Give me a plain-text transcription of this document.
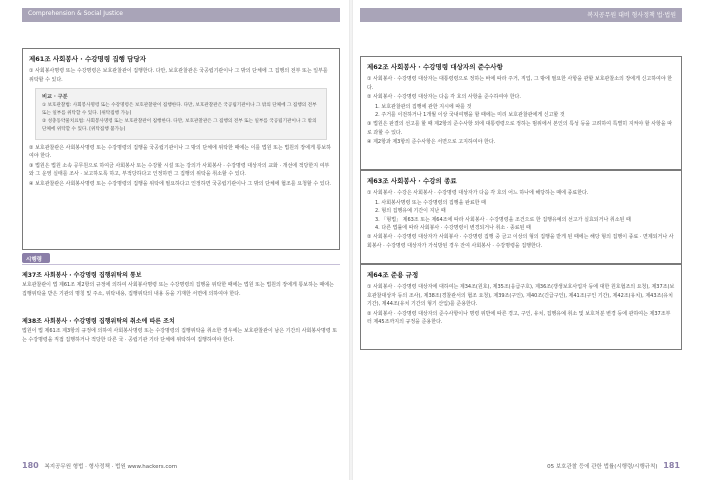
Comprehension & Social Justice	복지공무원 대비 형사정책 법·법원
제61조 사회봉사 · 수강명령 집행 담당자
① 사회봉사명령 또는 수강명령은 보호관찰관이 집행한다. 다만, 보호관찰관은 국공립기관이나 그 밖의 단체에 그 집행의 전부 또는 일부를 위탁할 수 있다.
비교 · 구분
① 보호관찰법: 사회봉사명령 또는 수강명령은 보호관찰관이 집행한다. 다만, 보호관찰관은 국공립기관이나 그 밖의 단체에 그 집행의 전부 또는 일부를 위탁할 수 있다. [위탁집행 가능]
② 성충동약물치료법: 사회봉사명령 또는 보호관찰관이 집행한다. 다만, 보호관찰관은 그 집행의 전부 또는 일부를 국공립기관이나 그 밖의 단체에 위탁할 수 있다. [위탁집행 불가능]
② 보호관찰관은 사회봉사명령 또는 수강명령의 집행을 국공립기관이나 그 밖의 단체에 위탁한 때에는 이를 법원 또는 법원의 장에게 통보하여야 한다.
③ 법원은 법원 소속 공무원으로 하여금 사회봉사 또는 수강할 시설 또는 강의가 사회봉사 · 수강명령 대상자의 교화 · 개선에 적당한지 여부와 그 운영 실태를 조사 · 보고하도록 하고, 부적당하다고 인정하면 그 집행의 위탁을 취소할 수 있다.
④ 보호관찰관은 사회봉사명령 또는 수강명령의 집행을 위탁에 필요하다고 인정하면 국공립기관이나 그 밖의 단체에 협조를 요청할 수 있다.
시행령
제37조 사회봉사 · 수강명령 집행위탁의 통보
보호관찰관이 법 제61조 제2항의 규정에 의하여 사회봉사명령 또는 수강명령의 집행을 위탁한 때에는 법원 또는 법원의 장에게 통보하는 때에는 집행위탁을 받은 기관의 명칭 및 주소, 위탁내용, 집행위탁의 내용 등을 기재한 서면에 의하여야 한다.
제38조 사회봉사 · 수강명령 집행위탁의 취소에 따른 조치
법원이 법 제61조 제3항의 규정에 의하여 사회봉사명령 또는 수강명령의 집행위탁을 취소한 경우에는 보호관찰관이 남은 기간의 사회봉사명령 또는 수강명령을 직접 집행하거나 적당한 다른 국 · 공립기관 기타 단체에 위탁하여 집행하여야 한다.
제62조 사회봉사 · 수강명령 대상자의 준수사항
① 사회봉사 · 수강명령 대상자는 대통령령으로 정하는 바에 따라 주거, 직업, 그 밖에 필요한 사항을 관할 보호관찰소의 장에게 신고하여야 한다.
② 사회봉사 · 수강명령 대상자는 다음 각 호의 사항을 준수하여야 한다.
1. 보호관찰관의 집행에 관한 지시에 따를 것
2. 주거를 이전하거나 1개월 이상 국내여행을 할 때에는 미리 보호관찰관에게 신고할 것
③ 법원은 판결의 선고를 할 때 제2항의 준수사항 외에 대통령령으로 정하는 범위에서 본인의 특성 등을 고려하여 특별히 지켜야 할 사항을 따로 과할 수 있다.
④ 제2항과 제3항의 준수사항은 서면으로 고지하여야 한다.
제63조 사회봉사 · 수강의 종료
① 사회봉사 · 수강은 사회봉사 · 수강명령 대상자가 다음 각 호의 어느 하나에 해당하는 때에 종료한다.
1. 사회봉사명령 또는 수강명령의 집행을 완료한 때
2. 형의 집행유예 기간이 지난 때
3. 「형법」 제63조 또는 제64조에 따라 사회봉사 · 수강명령을 조건으로 한 집행유예의 선고가 실효되거나 취소된 때
4. 다른 법률에 따라 사회봉사 · 수강명령이 변경되거나 취소 · 종료된 때
② 사회봉사 · 수강명령 대상자가 사회봉사 · 수강명령 집행 중 금고 이상의 형의 집행을 받게 된 때에는 해당 형의 집행이 종료 · 면제되거나 사회봉사 · 수강명령 대상자가 가석방된 경우 잔여 사회봉사 · 수강명령을 집행한다.
제64조 준용 규정
① 사회봉사 · 수강명령 대상자에 대하여는 제34조(원호), 제35조(응급구호), 제36조(갱생보호사업자 등에 대한 원호협조의 요청), 제37조(보호관찰대상자 등의 조사), 제38조(경찰관서의 협조 요청), 제39조(구인), 제40조(긴급구인), 제41조(구인 기간), 제42조(유치), 제43조(유치기간), 제44조(유치 기간의 형기 산입)를 준용한다.
② 사회봉사 · 수강명령 대상자의 준수사항이나 명령 위반에 따른 경고, 구인, 유치, 집행유예 취소 및 보호처분 변경 등에 관하여는 제37조부터 제45조까지의 규정을 준용한다.
180 복지공무원 형법 · 형사정책 · 법원 www.hackers.com	05 보호관찰 등에 관한 법률(시행령/시행규칙) 181
